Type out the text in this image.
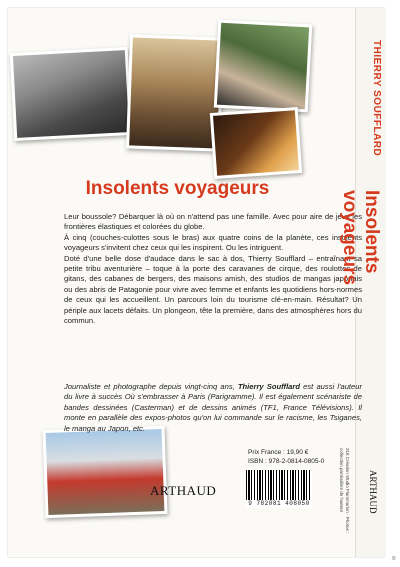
Insolents voyageurs

Leur boussole? Débarquer là où on n'attend pas une famille. Avec pour aire de jeux les frontières élastiques et colorées du globe.

À cinq (couches-culottes sous le bras) aux quatre coins de la planète, ces insolents voyageurs s'invitent chez ceux qui les inspirent. Ou les intriguent.

Doté d'une belle dose d'audace dans le sac à dos, Thierry Soufflard – entraînant sa petite tribu aventurière – toque à la porte des caravanes de cirque, des roulottes de gitans, des cabanes de bergers, des maisons amish, des studios de mangas japonais ou des abris de Patagonie pour vivre avec femme et enfants les quotidiens hors-normes de ceux qui les accueillent. Un parcours loin du tourisme clé-en-main. Résultat? Un périple aux lacets défaits. Un plongeon, tête la première, dans des atmosphères hors du commun.

Journaliste et photographe depuis vingt-cinq ans, Thierry Soufflard est aussi l'auteur du livre à succès Où s'embrasser à Paris (Parigramme). Il est également scénariste de bandes dessinées (Casterman) et de dessins animés (TF1, France Télévisions). Il monte en parallèle des expos-photos qu'on lui commande sur le racisme, les Tsiganes, le manga au Japon, etc.
Prix France : 19,90 €
ISBN : 978-2-0814-0805-0
9 782081 408050
ARTHAUD
THIERRY SOUFFLARD
Insolents voyageurs
ARTHAUD
31€ Création Studio Flammarion · Photos : collection particulière de l'auteur
©
